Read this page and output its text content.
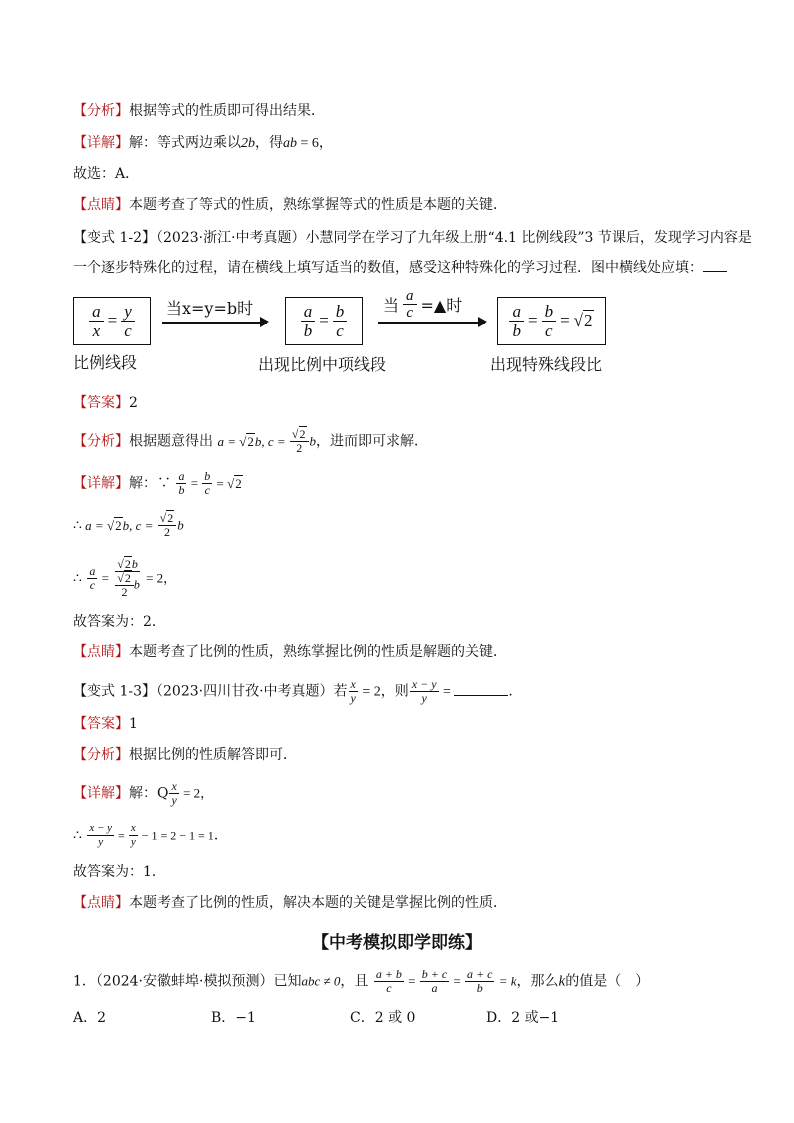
【分析】根据等式的性质即可得出结果．
【详解】解：等式两边乘以2b，得ab = 6，
故选：A．
【点睛】本题考查了等式的性质，熟练掌握等式的性质是本题的关键．
【变式 1-2】（2023·浙江·中考真题）小慧同学在学习了九年级上册“4.1 比例线段”3 节课后，发现学习内容是
一个逐步特殊化的过程，请在横线上填写适当的数值，感受这种特殊化的学习过程．图中横线处应填：
$\frac{a}{x} = \frac{y}{c}$ 当x=y=b时	$\frac{a}{b} = \frac{b}{c}$ 当 $\frac{a}{c}$ =▲时	$\frac{a}{b} = \frac{b}{c} = √2$
比例线段	出现比例中项线段	出现特殊线段比
【答案】2
【分析】根据题意得出 a = √2b, $c = \frac{√2}{2}$ b，进而即可求解．
【详解】解：∵ $\frac{a}{b} = \frac{b}{c} = √2$
∴ a = √2b, $c = \frac{√2}{2}$ b
∴ $\frac{a}{c} = \frac{√2b}{\frac{√2}{2} b} = 2$，
故答案为：2．
【点睛】本题考查了比例的性质，熟练掌握比例的性质是解题的关键．
【变式 1-3】（2023·四川甘孜·中考真题）若 $\frac{x}{y} = 2$，则 $\frac{x - y}{y}$ =	．
【答案】1
【分析】根据比例的性质解答即可．
【详解】解：Q $\frac{x}{y} = 2$，
∴ $\frac{x - y}{y} = \frac{x}{y} - 1 = 2 - 1 = 1$．
故答案为：1．
【点睛】本题考查了比例的性质，解决本题的关键是掌握比例的性质．
【中考模拟即学即练】
1．（2024·安徽蚌埠·模拟预测）已知abc ≠ 0，且 $\frac{a + b}{c} = \frac{b + c}{a} = \frac{a + c}{b} = k$，那么k的值是（　）
A．2	B．−1	C．2 或 0	D．2 或−1
